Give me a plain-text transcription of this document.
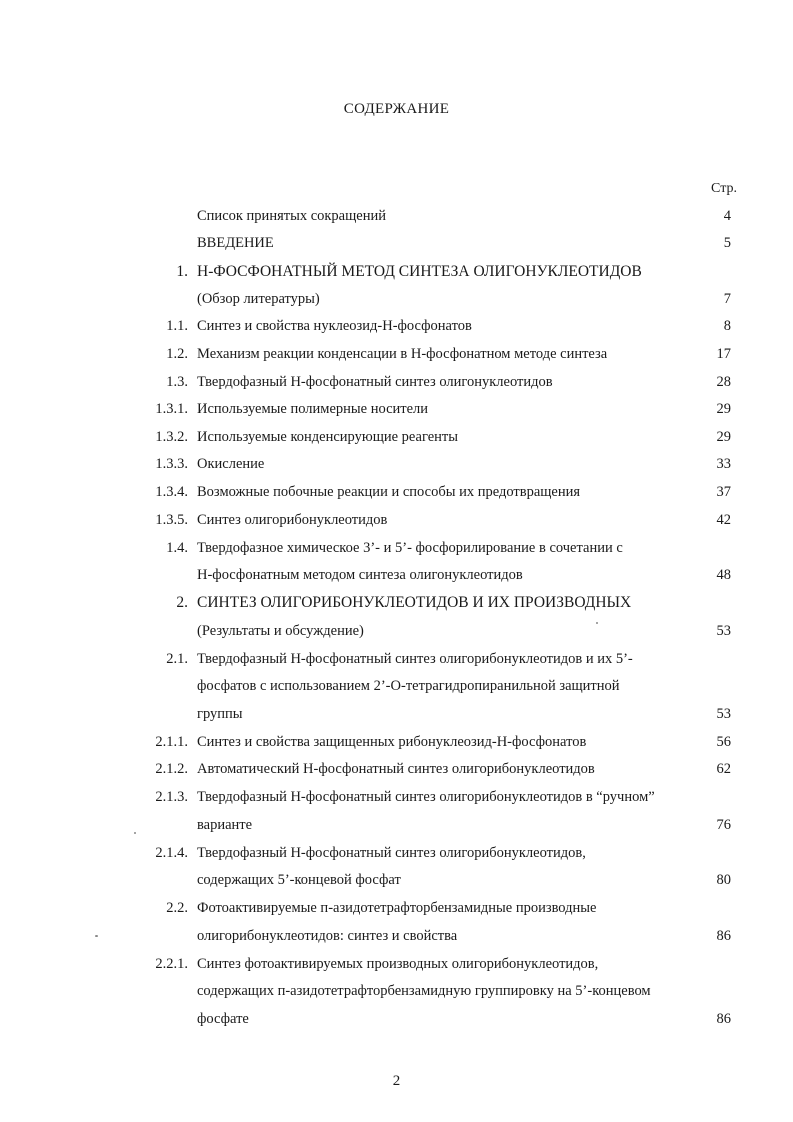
СОДЕРЖАНИЕ
Стр.
Список принятых сокращений	4
ВВЕДЕНИЕ	5
1. Н-ФОСФОНАТНЫЙ МЕТОД СИНТЕЗА ОЛИГОНУКЛЕОТИДОВ
(Обзор литературы)	7
1.1. Синтез и свойства нуклеозид-Н-фосфонатов	8
1.2. Механизм реакции конденсации в Н-фосфонатном методе синтеза	17
1.3. Твердофазный Н-фосфонатный синтез олигонуклеотидов	28
1.3.1. Используемые полимерные носители	29
1.3.2. Используемые конденсирующие реагенты	29
1.3.3. Окисление	33
1.3.4. Возможные побочные реакции и способы их предотвращения	37
1.3.5. Синтез олигорибонуклеотидов	42
1.4. Твердофазное химическое 3’- и 5’- фосфорилирование в сочетании с
Н-фосфонатным методом синтеза олигонуклеотидов	48
2. СИНТЕЗ ОЛИГОРИБОНУКЛЕОТИДОВ И ИХ ПРОИЗВОДНЫХ
(Результаты и обсуждение)	53
2.1. Твердофазный Н-фосфонатный синтез олигорибонуклеотидов и их 5’-
фосфатов с использованием 2’-О-тетрагидропиранильной защитной
группы	53
2.1.1. Синтез и свойства защищенных рибонуклеозид-Н-фосфонатов	56
2.1.2. Автоматический Н-фосфонатный синтез олигорибонуклеотидов	62
2.1.3. Твердофазный Н-фосфонатный синтез олигорибонуклеотидов в “ручном”
варианте	76
2.1.4. Твердофазный Н-фосфонатный синтез олигорибонуклеотидов,
содержащих 5’-концевой фосфат	80
2.2. Фотоактивируемые п-азидотетрафторбензамидные производные
олигорибонуклеотидов: синтез и свойства	86
2.2.1. Синтез фотоактивируемых производных олигорибонуклеотидов,
содержащих п-азидотетрафторбензамидную группировку на 5’-концевом
фосфате	86
2
